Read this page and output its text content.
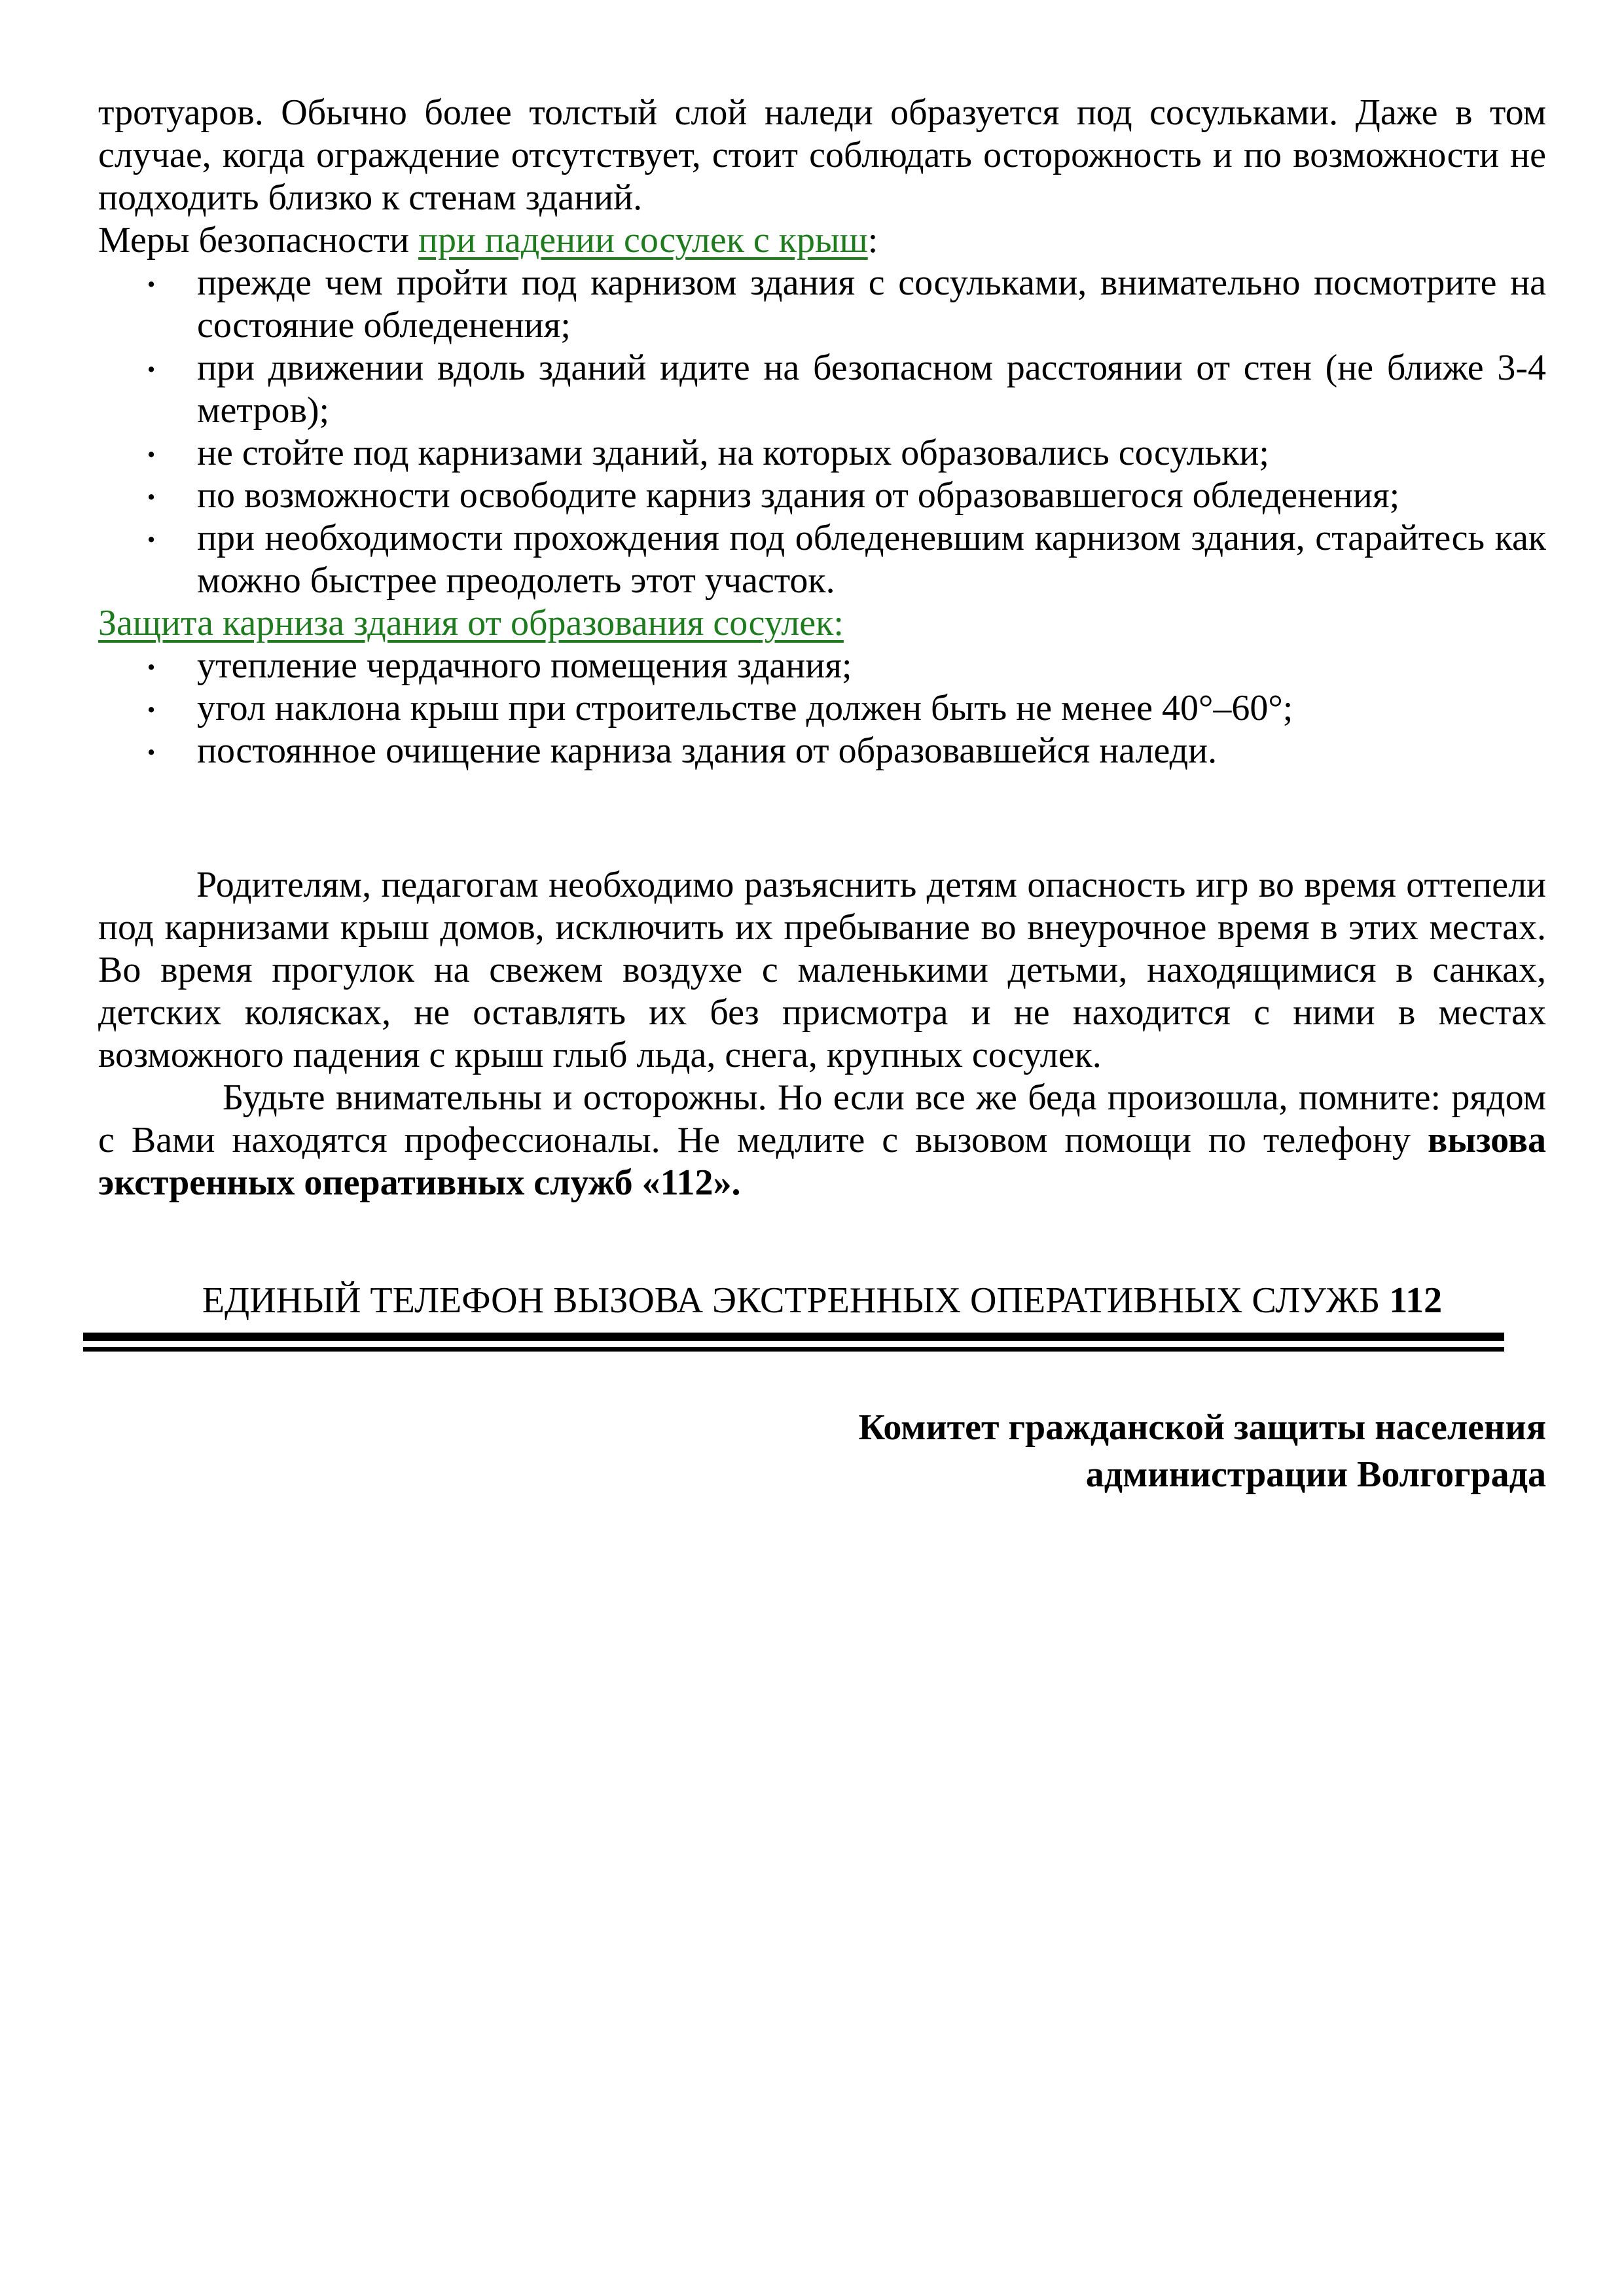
тротуаров. Обычно более толстый слой наледи образуется под сосульками. Даже в том случае, когда ограждение отсутствует, стоит соблюдать осторожность и по возможности не подходить близко к стенам зданий.

Меры безопасности при падении сосулек с крыш:

• прежде чем пройти под карнизом здания с сосульками, внимательно посмотрите на состояние обледенения;
• при движении вдоль зданий идите на безопасном расстоянии от стен (не ближе 3-4 метров);
• не стойте под карнизами зданий, на которых образовались сосульки;
• по возможности освободите карниз здания от образовавшегося обледенения;
• при необходимости прохождения под обледеневшим карнизом здания, старайтесь как можно быстрее преодолеть этот участок.

Защита карниза здания от образования сосулек:

• утепление чердачного помещения здания;
• угол наклона крыш при строительстве должен быть не менее 40°–60°;
• постоянное очищение карниза здания от образовавшейся наледи.

Родителям, педагогам необходимо разъяснить детям опасность игр во время оттепели под карнизами крыш домов, исключить их пребывание во внеурочное время в этих местах. Во время прогулок на свежем воздухе с маленькими детьми, находящимися в санках, детских колясках, не оставлять их без присмотра и не находится с ними в местах возможного падения с крыш глыб льда, снега, крупных сосулек.

Будьте внимательны и осторожны. Но если все же беда произошла, помните: рядом с Вами находятся профессионалы. Не медлите с вызовом помощи по телефону вызова экстренных оперативных служб «112».

ЕДИНЫЙ ТЕЛЕФОН ВЫЗОВА ЭКСТРЕННЫХ ОПЕРАТИВНЫХ СЛУЖБ 112

Комитет гражданской защиты населения
администрации Волгограда
